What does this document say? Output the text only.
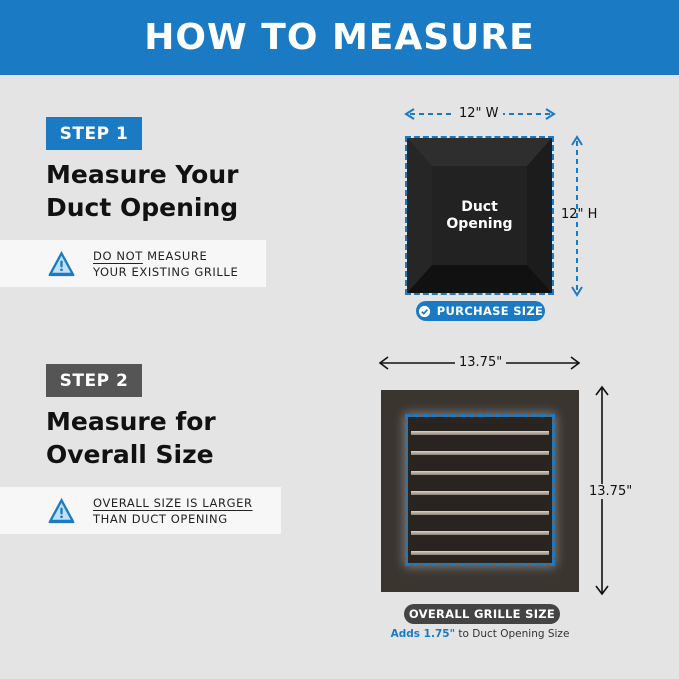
HOW TO MEASURE
STEP 1
Measure Your
Duct Opening
DO NOT MEASURE
YOUR EXISTING GRILLE
STEP 2
Measure for
Overall Size
OVERALL SIZE IS LARGER
THAN DUCT OPENING
12" W
12" H
Duct
Opening
PURCHASE SIZE
13.75"
13.75"
OVERALL GRILLE SIZE
Adds 1.75" to Duct Opening Size
